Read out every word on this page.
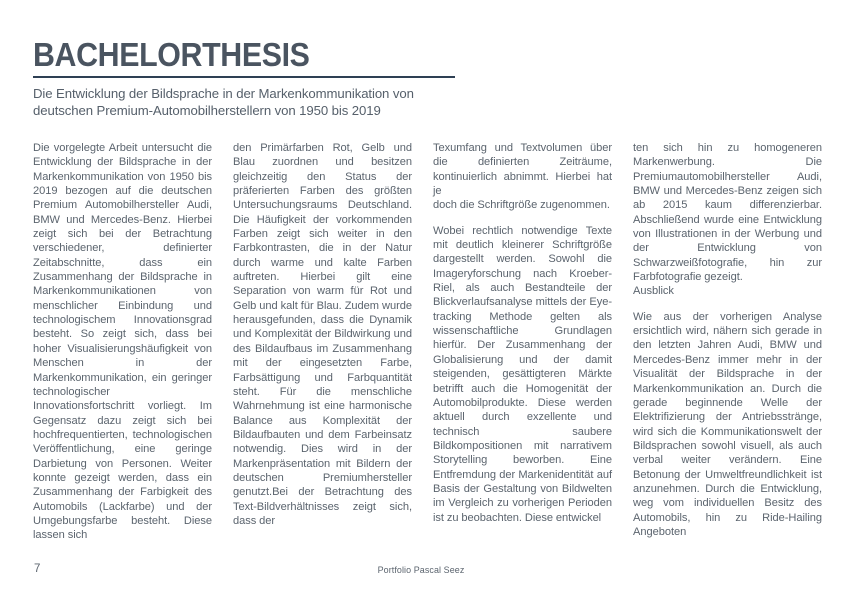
BACHELORTHESIS
Die Entwicklung der Bildsprache in der Markenkommunikation von deutschen Premium-Automobilherstellern von 1950 bis 2019

Die vorgelegte Arbeit untersucht die Entwicklung der Bildsprache in der Markenkommunikation von 1950 bis 2019 bezogen auf die deutschen Premium Automobilhersteller Audi, BMW und Mercedes-Benz. Hierbei zeigt sich bei der Betrachtung verschiedener, definierter Zeitabschnitte, dass ein Zusammenhang der Bildsprache in Markenkommunikationen von menschlicher Einbindung und technologischem Innovationsgrad besteht. So zeigt sich, dass bei hoher Visualisierungshäufigkeit von Menschen in der Markenkommunikation, ein geringer technologischer Innovationsfortschritt vorliegt. Im Gegensatz dazu zeigt sich bei hochfrequentierten, technologischen Veröffentlichung, eine geringe Darbietung von Personen. Weiter konnte gezeigt werden, dass ein Zusammenhang der Farbigkeit des Automobils (Lackfarbe) und der Umgebungsfarbe besteht. Diese lassen sich

den Primärfarben Rot, Gelb und Blau zuordnen und besitzen gleichzeitig den Status der präferierten Farben des größten Untersuchungsraums Deutschland. Die Häufigkeit der vorkommenden Farben zeigt sich weiter in den Farbkontrasten, die in der Natur durch warme und kalte Farben auftreten. Hierbei gilt eine Separation von warm für Rot und Gelb und kalt für Blau. Zudem wurde herausgefunden, dass die Dynamik und Komplexität der Bildwirkung und des Bildaufbaus im Zusammenhang mit der eingesetzten Farbe, Farbsättigung und Farbquantität steht. Für die menschliche Wahrnehmung ist eine harmonische Balance aus Komplexität der Bildaufbauten und dem Farbeinsatz notwendig. Dies wird in der Markenpräsentation mit Bildern der deutschen Premiumhersteller genutzt.Bei der Betrachtung des Text-Bildverhältnisses zeigt sich, dass der

Texumfang und Textvolumen über die definierten Zeiträume, kontinuierlich abnimmt. Hierbei hat je

doch die Schriftgröße zugenommen.

Wobei rechtlich notwendige Texte mit deutlich kleinerer Schriftgröße dargestellt werden. Sowohl die Imageryforschung nach Kroeber-Riel, als auch Bestandteile der Blickverlaufsanalyse mittels der Eye-tracking Methode gelten als wissenschaftliche Grundlagen hierfür. Der Zusammenhang der Globalisierung und der damit steigenden, gesättigteren Märkte betrifft auch die Homogenität der Automobilprodukte. Diese werden aktuell durch exzellente und technisch saubere Bildkompositionen mit narrativem Storytelling beworben. Eine Entfremdung der Markenidentität auf Basis der Gestaltung von Bildwelten im Vergleich zu vorherigen Perioden ist zu beobachten. Diese entwickel

ten sich hin zu homogeneren Markenwerbung. Die Premiumautomobilhersteller Audi, BMW und Mercedes-Benz zeigen sich ab 2015 kaum differenzierbar. Abschließend wurde eine Entwicklung von Illustrationen in der Werbung und der Entwicklung von Schwarzweißfotografie, hin zur Farbfotografie gezeigt.

Ausblick

Wie aus der vorherigen Analyse ersichtlich wird, nähern sich gerade in den letzten Jahren Audi, BMW und Mercedes-Benz immer mehr in der Visualität der Bildsprache in der Markenkommunikation an. Durch die gerade beginnende Welle der Elektrifizierung der Antriebsstränge, wird sich die Kommunikationswelt der Bildsprachen sowohl visuell, als auch verbal weiter verändern. Eine Betonung der Umweltfreundlichkeit ist anzunehmen. Durch die Entwicklung, weg vom individuellen Besitz des Automobils, hin zu Ride-Hailing Angeboten

7	Portfolio Pascal Seez
